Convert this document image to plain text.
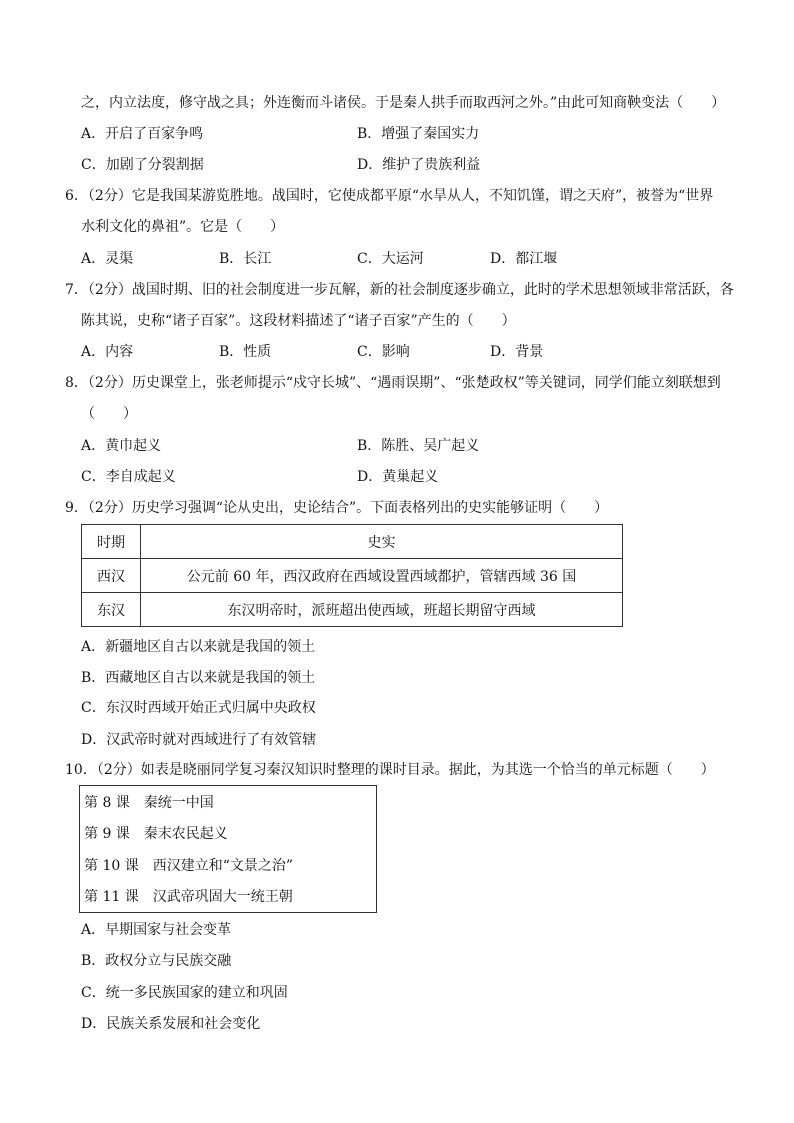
之，内立法度，修守战之具；外连衡而斗诸侯。于是秦人拱手而取西河之外。”由此可知商鞅变法（　　）
A．开启了百家争鸣	B．增强了秦国实力
C．加剧了分裂割据	D．维护了贵族利益
6．（2分）它是我国某游览胜地。战国时，它使成都平原“水旱从人，不知饥馑，谓之天府”，被誉为“世界
水利文化的鼻祖”。它是（　　）
A．灵渠	B．长江	C．大运河	D．都江堰
7．（2分）战国时期、旧的社会制度进一步瓦解，新的社会制度逐步确立，此时的学术思想领域非常活跃，各
陈其说，史称“诸子百家”。这段材料描述了“诸子百家”产生的（　　）
A．内容	B．性质	C．影响	D．背景
8．（2分）历史课堂上，张老师提示“戍守长城”、“遇雨误期”、“张楚政权”等关键词，同学们能立刻联想到
（　　）
A．黄巾起义	B．陈胜、吴广起义
C．李自成起义	D．黄巢起义
9．（2分）历史学习强调“论从史出，史论结合”。下面表格列出的史实能够证明（　　）
时期	史实
西汉	公元前 60 年，西汉政府在西域设置西域都护，管辖西域 36 国
东汉	东汉明帝时，派班超出使西域，班超长期留守西域
A．新疆地区自古以来就是我国的领土
B．西藏地区自古以来就是我国的领土
C．东汉时西域开始正式归属中央政权
D．汉武帝时就对西域进行了有效管辖
10．（2分）如表是晓丽同学复习秦汉知识时整理的课时目录。据此，为其选一个恰当的单元标题（　　）
第 8 课　秦统一中国
第 9 课　秦末农民起义
第 10 课　西汉建立和“文景之治”
第 11 课　汉武帝巩固大一统王朝
A．早期国家与社会变革
B．政权分立与民族交融
C．统一多民族国家的建立和巩固
D．民族关系发展和社会变化
